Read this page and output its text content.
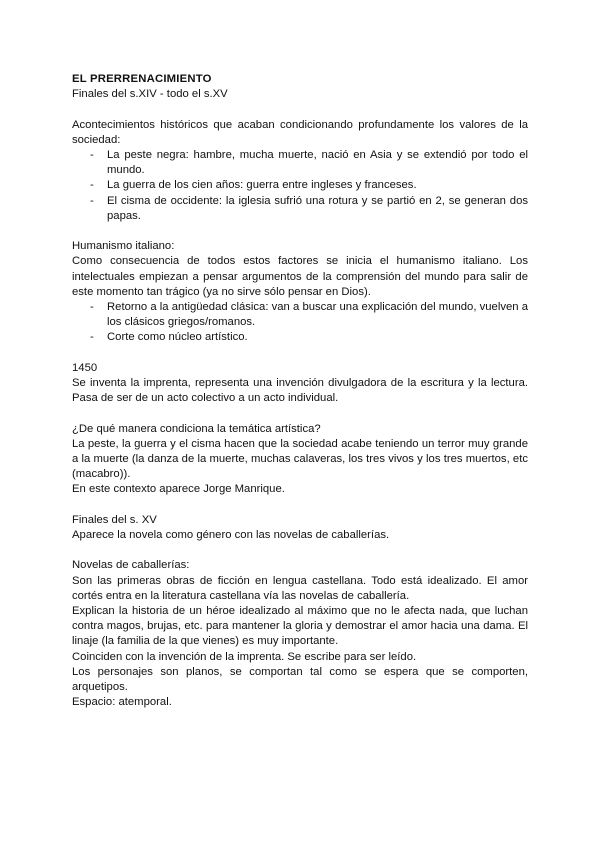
EL PRERRENACIMIENTO

Finales del s.XIV - todo el s.XV

Acontecimientos históricos que acaban condicionando profundamente los valores de la sociedad:

- La peste negra: hambre, mucha muerte, nació en Asia y se extendió por todo el mundo.
- La guerra de los cien años: guerra entre ingleses y franceses.
- El cisma de occidente: la iglesia sufrió una rotura y se partió en 2, se generan dos papas.

Humanismo italiano:

Como consecuencia de todos estos factores se inicia el humanismo italiano. Los intelectuales empiezan a pensar argumentos de la comprensión del mundo para salir de este momento tan trágico (ya no sirve sólo pensar en Dios).

- Retorno a la antigüedad clásica: van a buscar una explicación del mundo, vuelven a los clásicos griegos/romanos.
- Corte como núcleo artístico.

1450

Se inventa la imprenta, representa una invención divulgadora de la escritura y la lectura. Pasa de ser de un acto colectivo a un acto individual.

¿De qué manera condiciona la temática artística?

La peste, la guerra y el cisma hacen que la sociedad acabe teniendo un terror muy grande a la muerte (la danza de la muerte, muchas calaveras, los tres vivos y los tres muertos, etc (macabro)).

En este contexto aparece Jorge Manrique.

Finales del s. XV

Aparece la novela como género con las novelas de caballerías.

Novelas de caballerías:

Son las primeras obras de ficción en lengua castellana. Todo está idealizado. El amor cortés entra en la literatura castellana vía las novelas de caballería.

Explican la historia de un héroe idealizado al máximo que no le afecta nada, que luchan contra magos, brujas, etc. para mantener la gloria y demostrar el amor hacia una dama. El linaje (la familia de la que vienes) es muy importante.

Coinciden con la invención de la imprenta. Se escribe para ser leído.

Los personajes son planos, se comportan tal como se espera que se comporten, arquetipos.

Espacio: atemporal.
